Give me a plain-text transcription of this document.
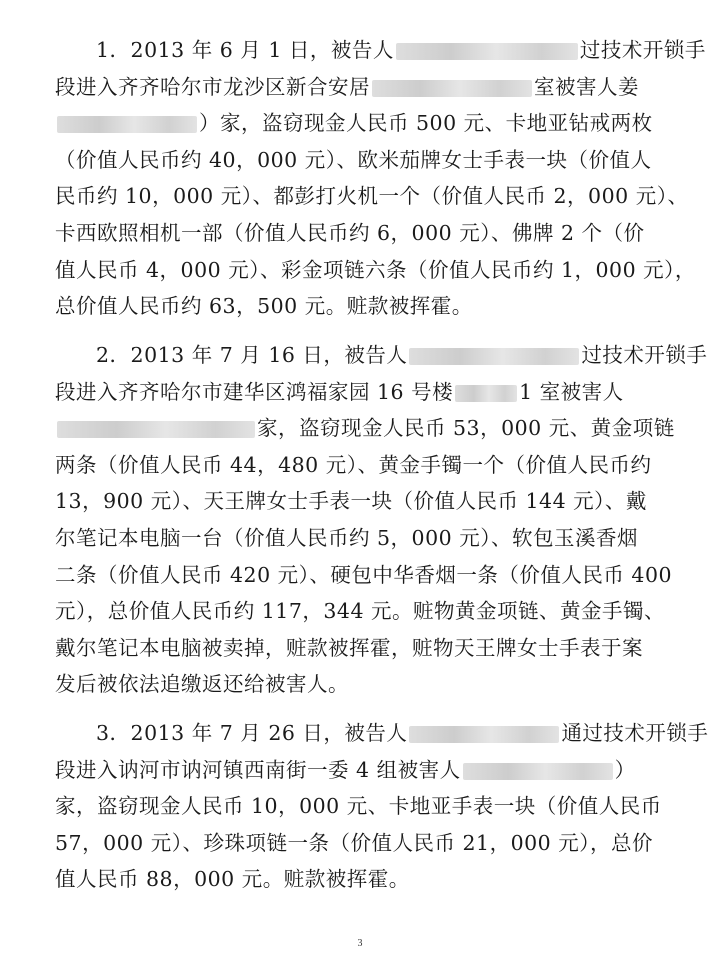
1．2013 年 6 月 1 日，被告人	过技术开锁手
段进入齐齐哈尔市龙沙区新合安居	室被害人姜
）家，盗窃现金人民币 500 元、卡地亚钻戒两枚
（价值人民币约 40，000 元）、欧米茄牌女士手表一块（价值人
民币约 10，000 元）、都彭打火机一个（价值人民币 2，000 元）、
卡西欧照相机一部（价值人民币约 6，000 元）、佛牌 2 个（价
值人民币 4，000 元）、彩金项链六条（价值人民币约 1，000 元），
总价值人民币约 63，500 元。赃款被挥霍。
2．2013 年 7 月 16 日，被告人	过技术开锁手
段进入齐齐哈尔市建华区鸿福家园 16 号楼	1 室被害人
家，盗窃现金人民币 53，000 元、黄金项链
两条（价值人民币 44，480 元）、黄金手镯一个（价值人民币约
13，900 元）、天王牌女士手表一块（价值人民币 144 元）、戴
尔笔记本电脑一台（价值人民币约 5，000 元）、软包玉溪香烟
二条（价值人民币 420 元）、硬包中华香烟一条（价值人民币 400
元），总价值人民币约 117，344 元。赃物黄金项链、黄金手镯、
戴尔笔记本电脑被卖掉，赃款被挥霍，赃物天王牌女士手表于案
发后被依法追缴返还给被害人。
3．2013 年 7 月 26 日，被告人	通过技术开锁手
段进入讷河市讷河镇西南街一委 4 组被害人	）
家，盗窃现金人民币 10，000 元、卡地亚手表一块（价值人民币
57，000 元）、珍珠项链一条（价值人民币 21，000 元），总价
值人民币 88，000 元。赃款被挥霍。
3
